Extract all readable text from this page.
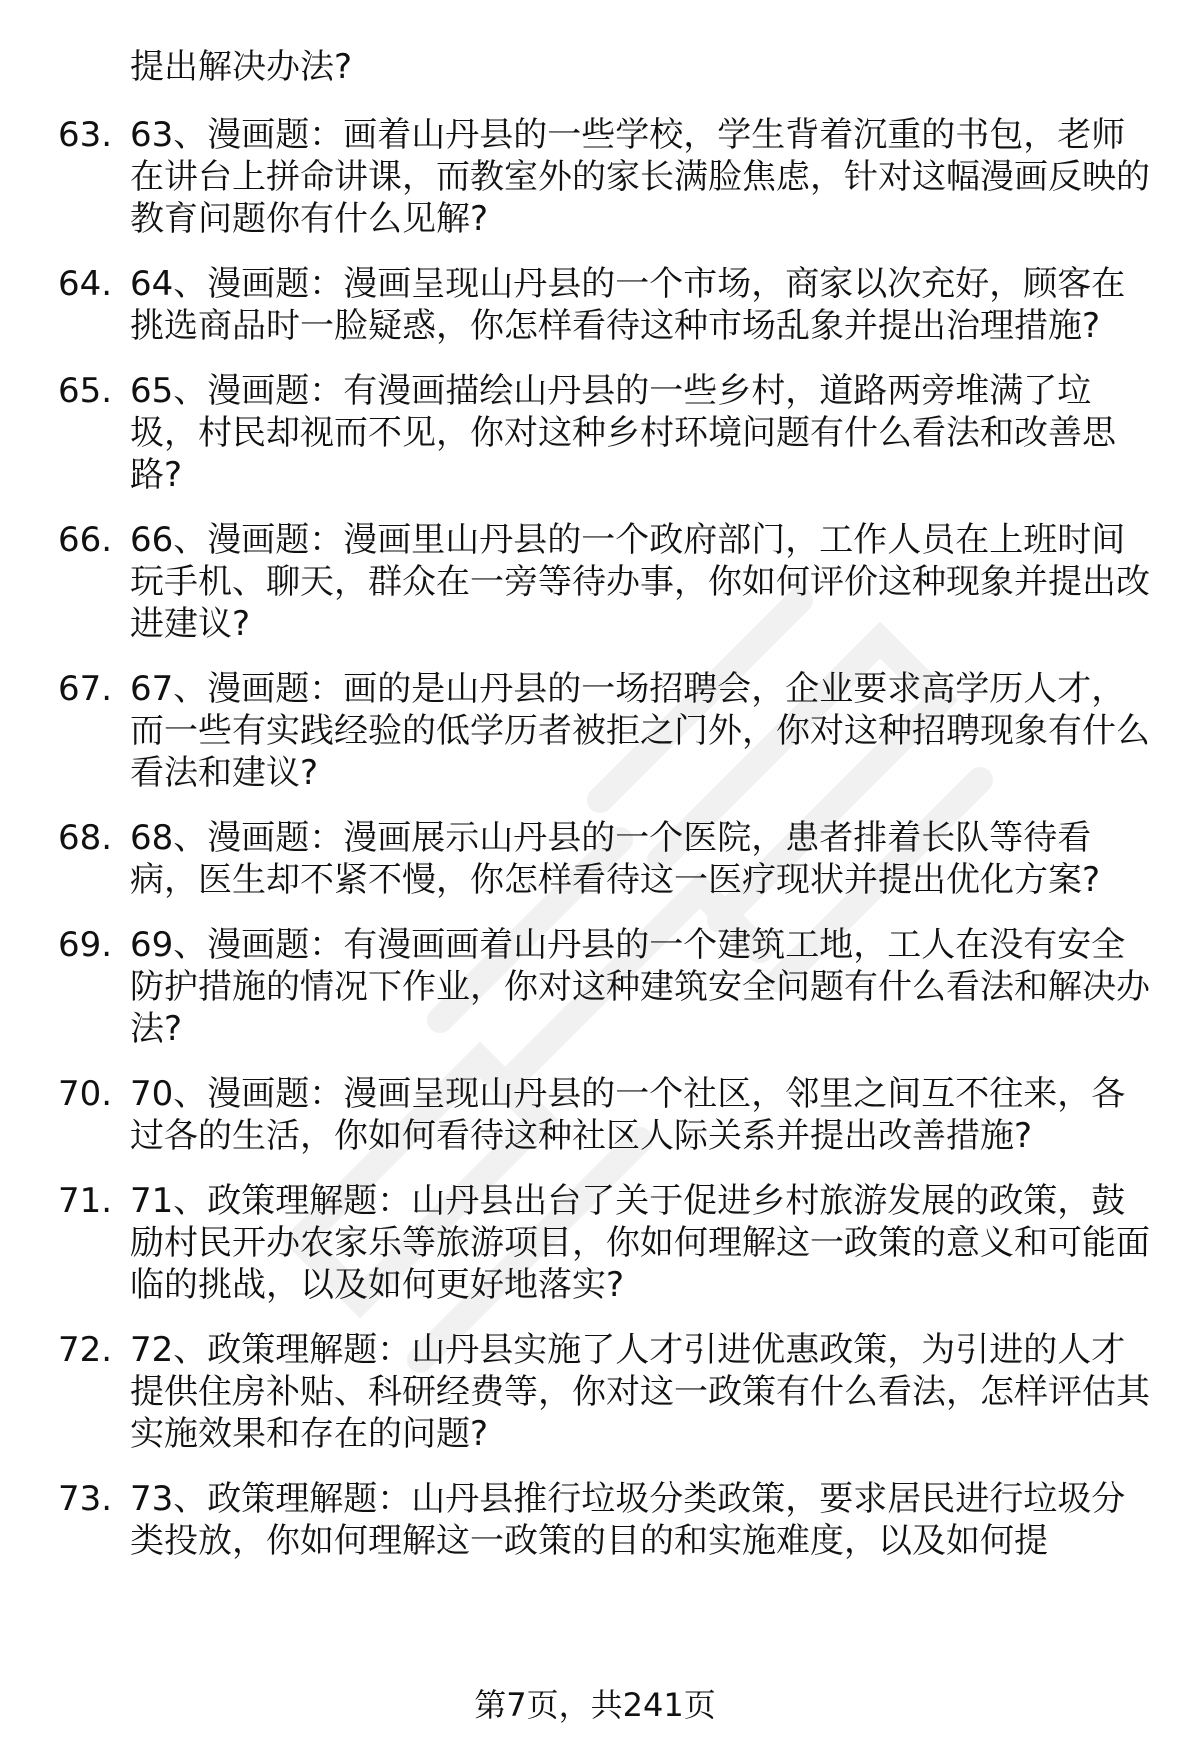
提出解决办法?
63. 63、漫画题：画着山丹县的一些学校，学生背着沉重的书包，老师在讲台上拼命讲课，而教室外的家长满脸焦虑，针对这幅漫画反映的教育问题你有什么见解?
64. 64、漫画题：漫画呈现山丹县的一个市场，商家以次充好，顾客在挑选商品时一脸疑惑，你怎样看待这种市场乱象并提出治理措施?
65. 65、漫画题：有漫画描绘山丹县的一些乡村，道路两旁堆满了垃圾，村民却视而不见，你对这种乡村环境问题有什么看法和改善思路?
66. 66、漫画题：漫画里山丹县的一个政府部门，工作人员在上班时间玩手机、聊天，群众在一旁等待办事，你如何评价这种现象并提出改进建议?
67. 67、漫画题：画的是山丹县的一场招聘会，企业要求高学历人才，而一些有实践经验的低学历者被拒之门外，你对这种招聘现象有什么看法和建议?
68. 68、漫画题：漫画展示山丹县的一个医院，患者排着长队等待看病，医生却不紧不慢，你怎样看待这一医疗现状并提出优化方案?
69. 69、漫画题：有漫画画着山丹县的一个建筑工地，工人在没有安全防护措施的情况下作业，你对这种建筑安全问题有什么看法和解决办法?
70. 70、漫画题：漫画呈现山丹县的一个社区，邻里之间互不往来，各过各的生活，你如何看待这种社区人际关系并提出改善措施?
71. 71、政策理解题：山丹县出台了关于促进乡村旅游发展的政策，鼓励村民开办农家乐等旅游项目，你如何理解这一政策的意义和可能面临的挑战，以及如何更好地落实?
72. 72、政策理解题：山丹县实施了人才引进优惠政策，为引进的人才提供住房补贴、科研经费等，你对这一政策有什么看法，怎样评估其实施效果和存在的问题?
73. 73、政策理解题：山丹县推行垃圾分类政策，要求居民进行垃圾分类投放，你如何理解这一政策的目的和实施难度，以及如何提
第7页，共241页
